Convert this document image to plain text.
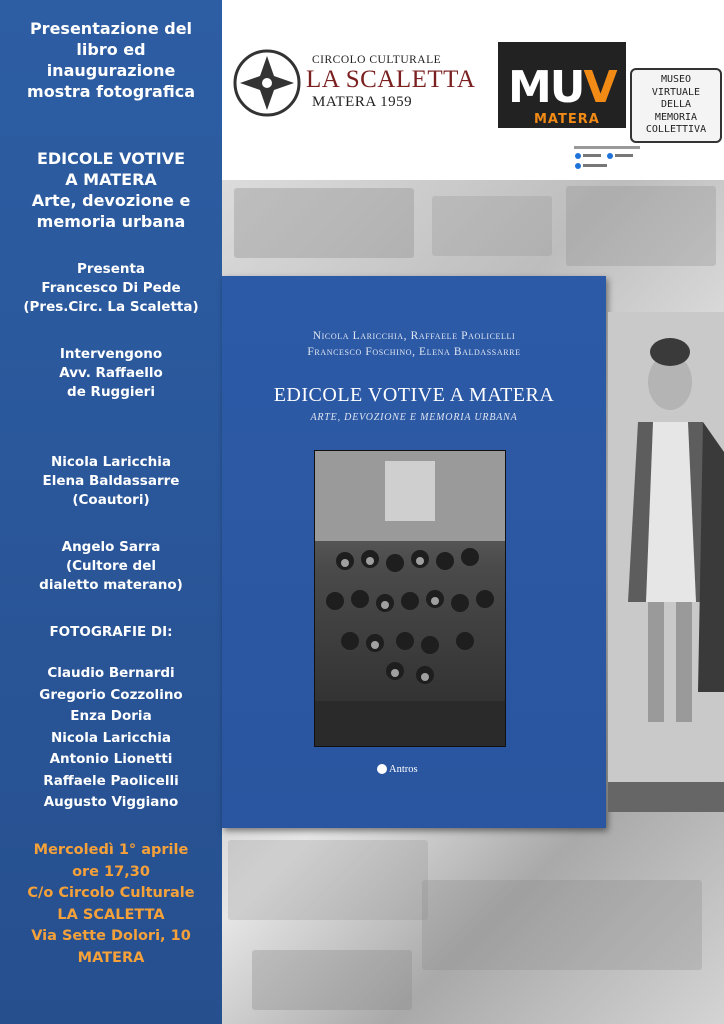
Presentazione del
libro ed
inaugurazione
mostra fotografica
EDICOLE VOTIVE
A MATERA
Arte, devozione e
memoria urbana
Presenta
Francesco Di Pede
(Pres.Circ. La Scaletta)
Intervengono
Avv. Raffaello
de Ruggieri
Nicola Laricchia
Elena Baldassarre
(Coautori)
Angelo Sarra
(Cultore del
dialetto materano)
FOTOGRAFIE DI:
Claudio Bernardi
Gregorio Cozzolino
Enza Doria
Nicola Laricchia
Antonio Lionetti
Raffaele Paolicelli
Augusto Viggiano
Mercoledì 1° aprile
ore 17,30
C/o Circolo Culturale
LA SCALETTA
Via Sette Dolori, 10
MATERA
CIRCOLO CULTURALE
LA SCALETTA
MATERA 1959 MUV
MATERA
MUSEO
VIRTUALE
DELLA
MEMORIA
COLLETTIVA
Nicola Laricchia, Raffaele Paolicelli
Francesco Foschino, Elena Baldassarre
EDICOLE VOTIVE A MATERA
ARTE, DEVOZIONE E MEMORIA URBANA
Antros
